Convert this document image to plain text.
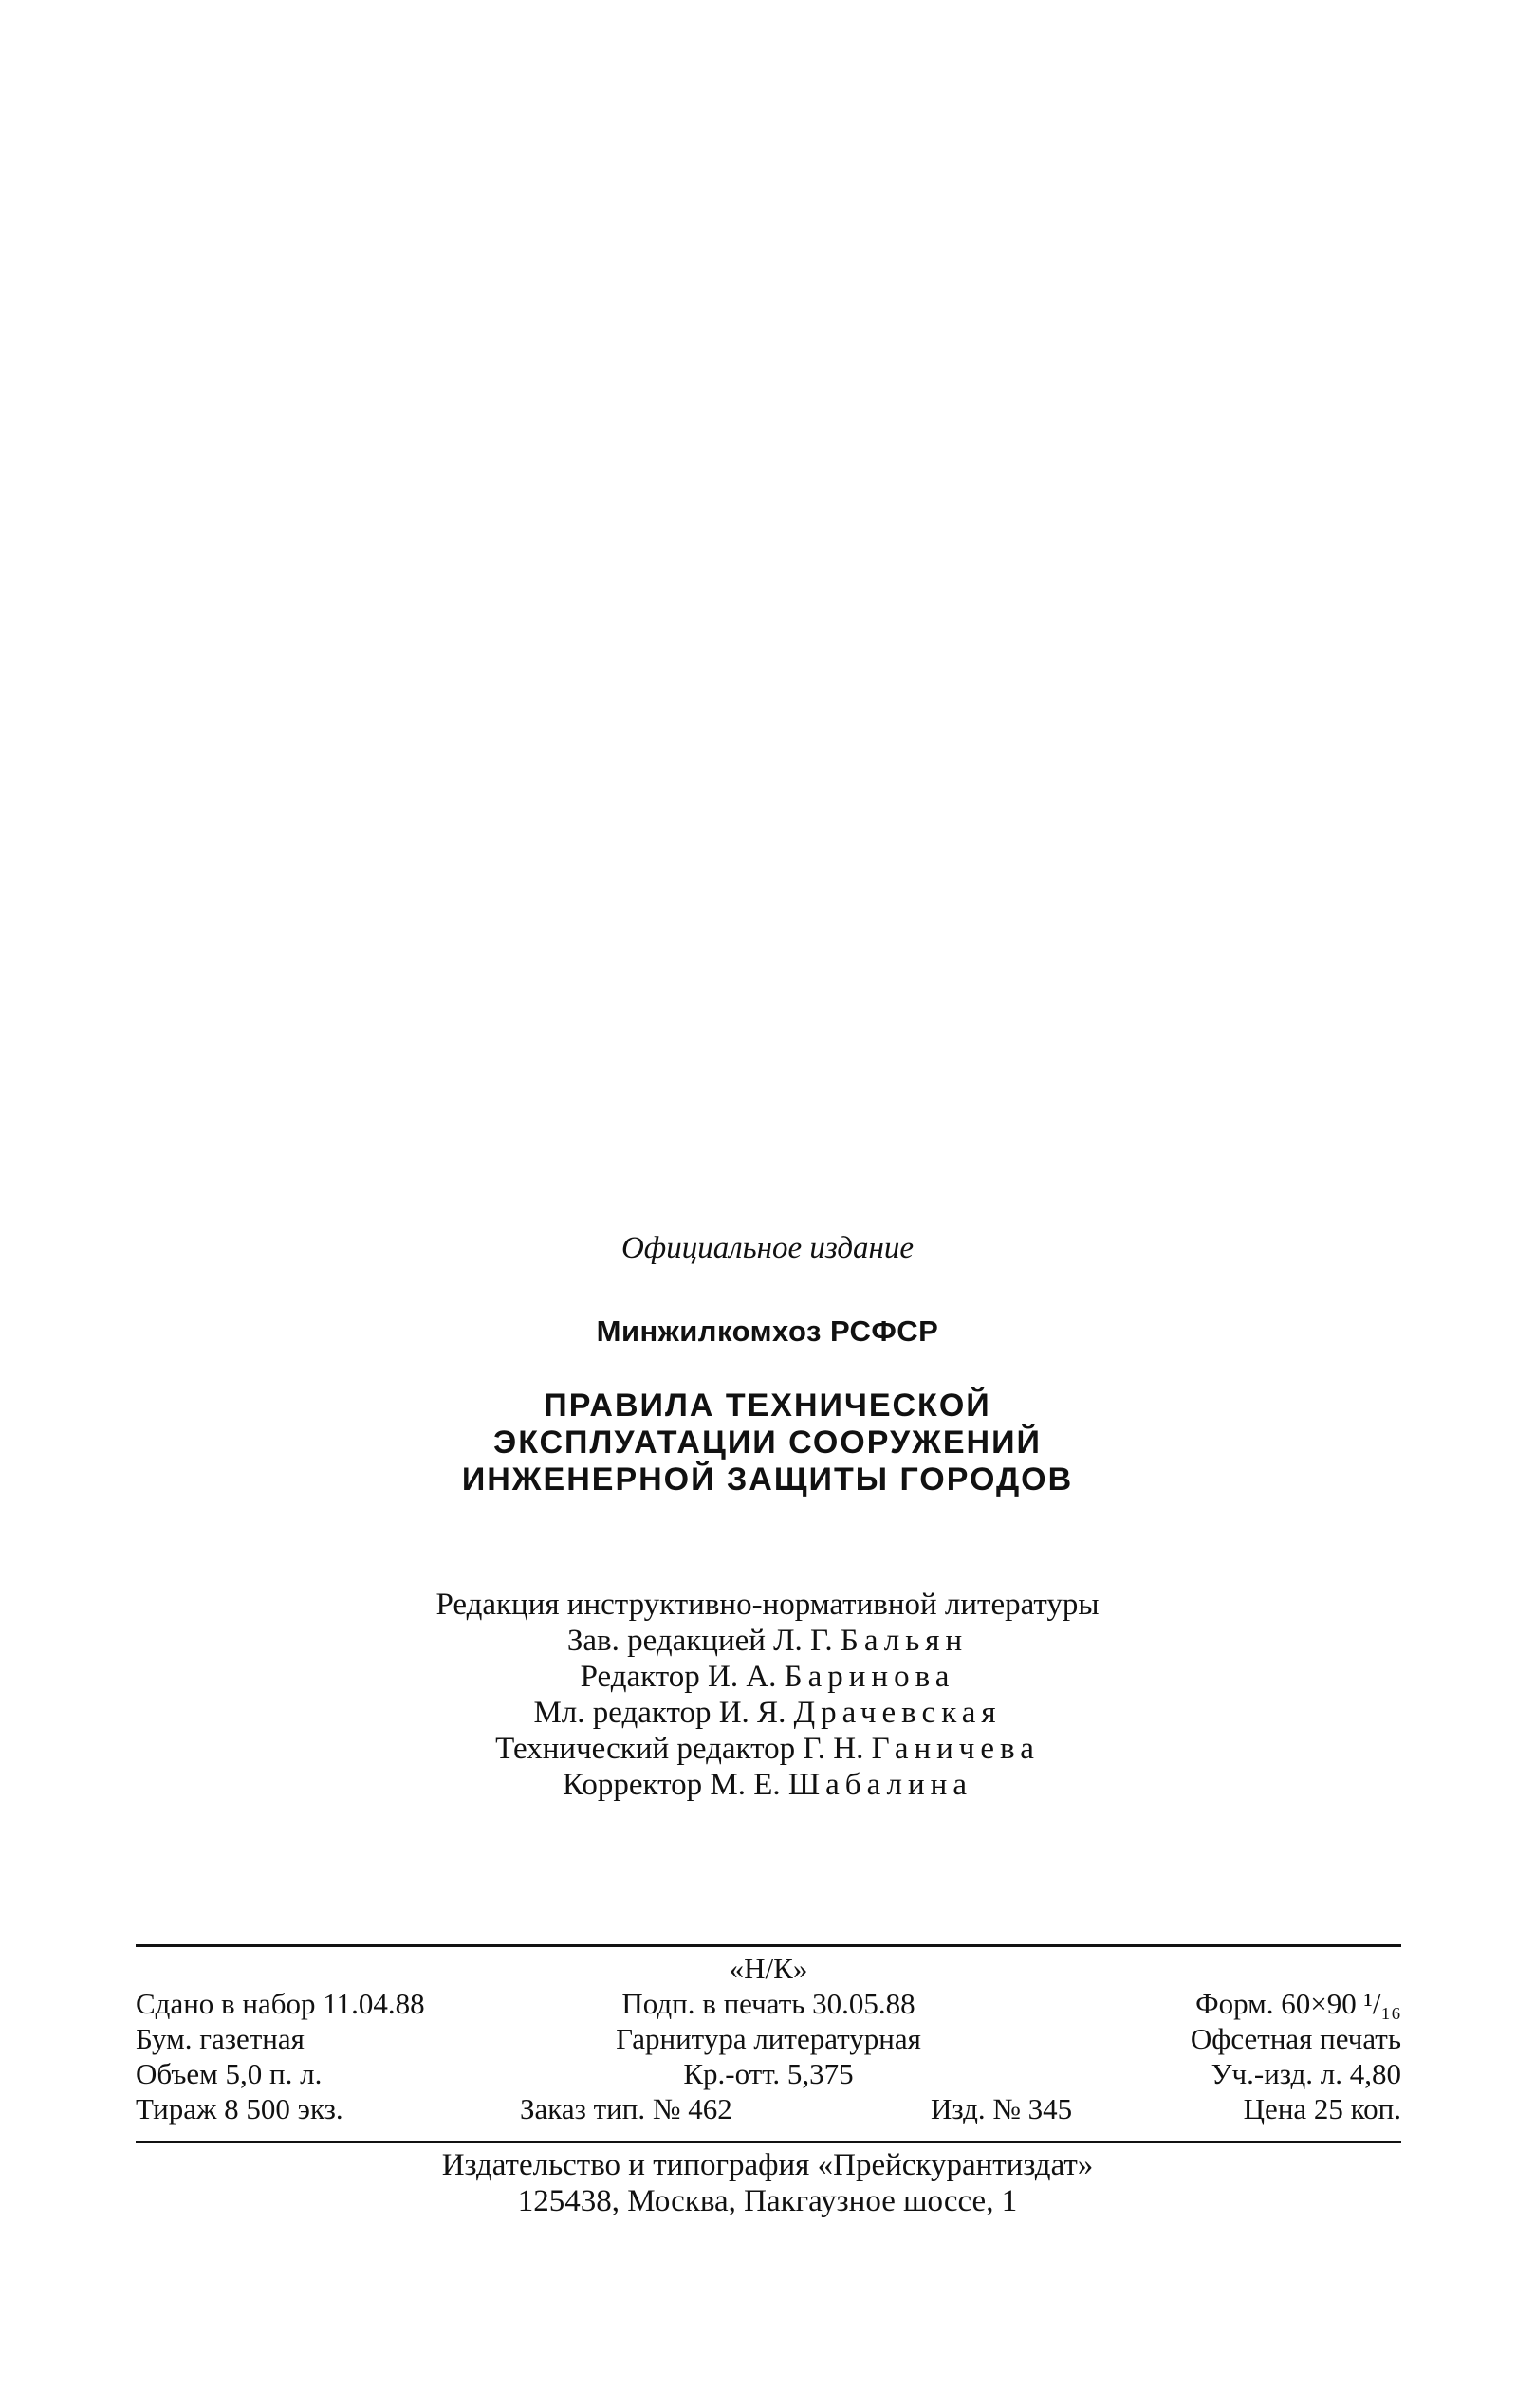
Официальное издание
Минжилкомхоз РСФСР
ПРАВИЛА ТЕХНИЧЕСКОЙ
ЭКСПЛУАТАЦИИ СООРУЖЕНИЙ
ИНЖЕНЕРНОЙ ЗАЩИТЫ ГОРОДОВ
Редакция инструктивно-нормативной литературы
Зав. редакцией Л. Г. Бальян
Редактор И. А. Баринова
Мл. редактор И. Я. Драчевская
Технический редактор Г. Н. Ганичева
Корректор М. Е. Шабалина
«Н/К»
Сдано в набор 11.04.88	Подп. в печать 30.05.88	Форм. 60×90 ¹/₁₆
Бум. газетная	Гарнитура литературная	Офсетная печать
Объем 5,0 п. л.	Кр.-отт. 5,375	Уч.-изд. л. 4,80
Тираж 8 500 экз.	Заказ тип. № 462	Изд. № 345	Цена 25 коп.
Издательство и типография «Прейскурантиздат»
125438, Москва, Пакгаузное шоссе, 1
